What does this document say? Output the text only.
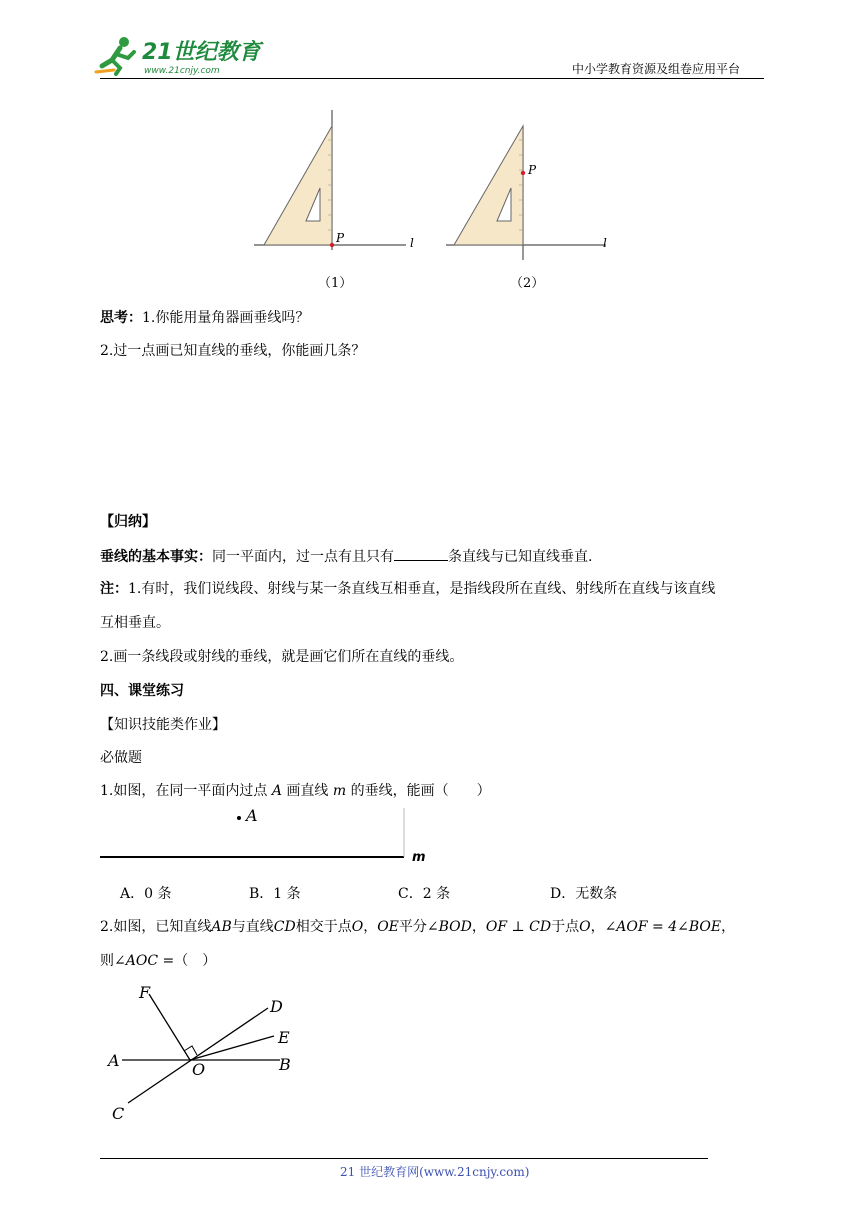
21世纪教育
www.21cnjy.com	中小学教育资源及组卷应用平台
P	l
P
l
（1）	（2）
思考：1.你能用量角器画垂线吗？
2.过一点画已知直线的垂线，你能画几条？
【归纳】
垂线的基本事实：同一平面内，过一点有且只有	条直线与已知直线垂直.
注：1.有时，我们说线段、射线与某一条直线互相垂直，是指线段所在直线、射线所在直线与该直线
互相垂直。
2.画一条线段或射线的垂线，就是画它们所在直线的垂线。
四、课堂练习
【知识技能类作业】
必做题
1.如图，在同一平面内过点 A 画直线 m 的垂线，能画（　　）
A
m
A．0 条	B．1 条	C．2 条	D．无数条
2.如图，已知直线AB与直线CD相交于点O，OE平分∠BOD，OF ⊥ CD于点O，∠AOF = 4∠BOE，
则∠AOC =（　）
F
D
E
A	O	B
C
21 世纪教育网(www.21cnjy.com)
